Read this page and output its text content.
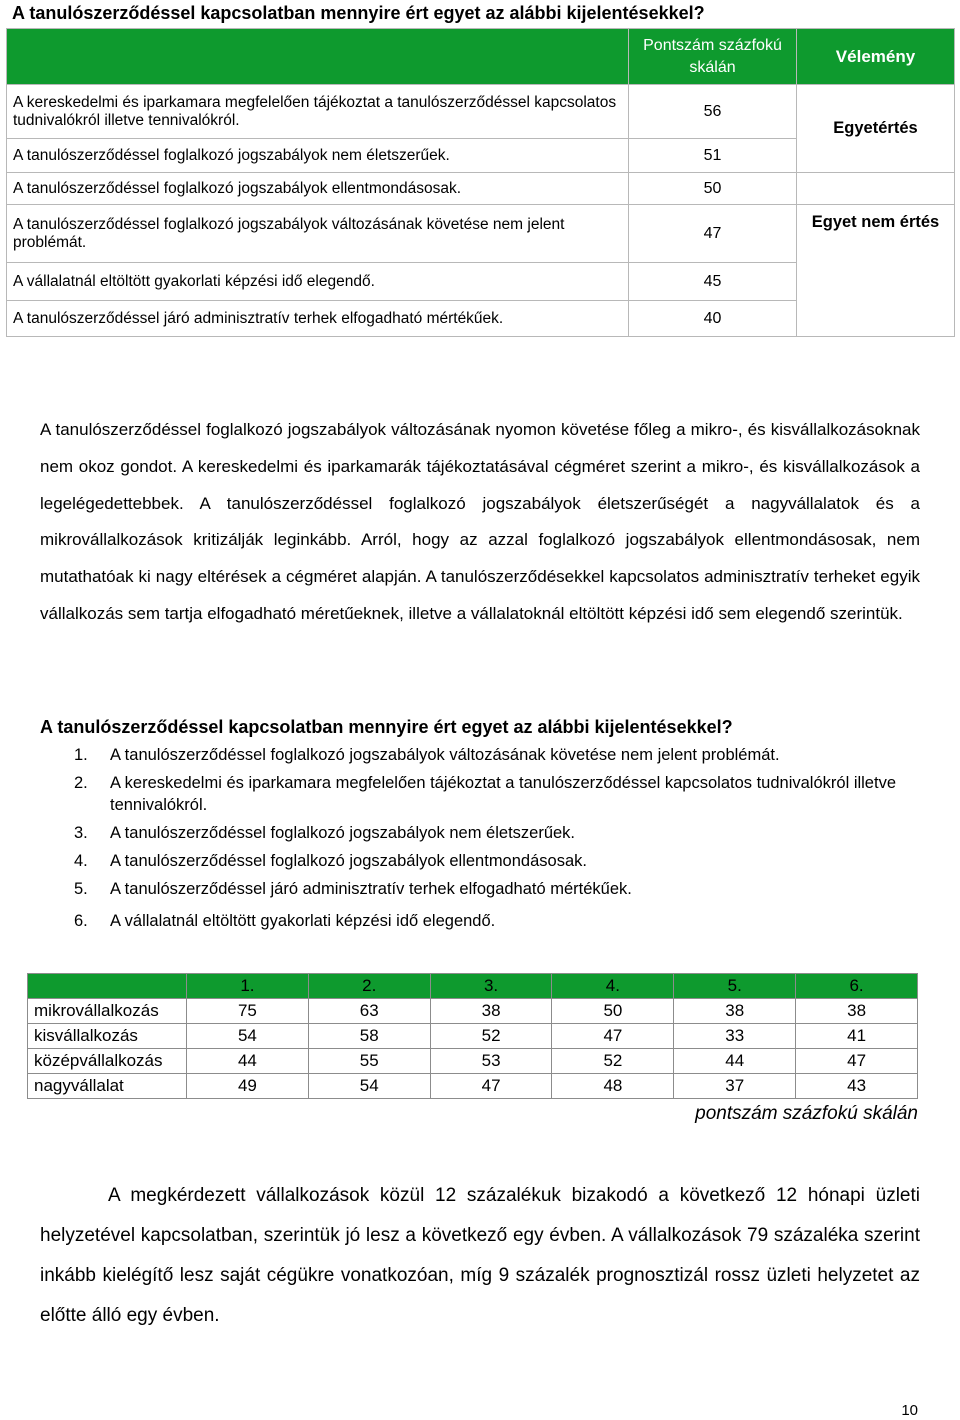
A tanulószerződéssel kapcsolatban mennyire ért egyet az alábbi kijelentésekkel?
	Pontszám százfokú skálán	Vélemény
A kereskedelmi és iparkamara megfelelően tájékoztat a tanulószerződéssel kapcsolatos tudnivalókról illetve tennivalókról.	56	Egyetértés
A tanulószerződéssel foglalkozó jogszabályok nem életszerűek.	51	
A tanulószerződéssel foglalkozó jogszabályok ellentmondásosak.	50	
A tanulószerződéssel foglalkozó jogszabályok változásának követése nem jelent problémát.	47	Egyet nem értés
A vállalatnál eltöltött gyakorlati képzési idő elegendő.	45	
A tanulószerződéssel járó adminisztratív terhek elfogadható mértékűek.	40	

A tanulószerződéssel foglalkozó jogszabályok változásának nyomon követése főleg a mikro-, és kisvállalkozásoknak nem okoz gondot. A kereskedelmi és iparkamarák tájékoztatásával cégméret szerint a mikro-, és kisvállalkozások a legelégedettebbek. A tanulószerződéssel foglalkozó jogszabályok életszerűségét a nagyvállalatok és a mikrovállalkozások kritizálják leginkább. Arról, hogy az azzal foglalkozó jogszabályok ellentmondásosak, nem mutathatóak ki nagy eltérések a cégméret alapján. A tanulószerződésekkel kapcsolatos adminisztratív terheket egyik vállalkozás sem tartja elfogadható méretűeknek, illetve a vállalatoknál eltöltött képzési idő sem elegendő szerintük.

A tanulószerződéssel kapcsolatban mennyire ért egyet az alábbi kijelentésekkel?
1. A tanulószerződéssel foglalkozó jogszabályok változásának követése nem jelent problémát.
2. A kereskedelmi és iparkamara megfelelően tájékoztat a tanulószerződéssel kapcsolatos tudnivalókról illetve tennivalókról.
3. A tanulószerződéssel foglalkozó jogszabályok nem életszerűek.
4. A tanulószerződéssel foglalkozó jogszabályok ellentmondásosak.
5. A tanulószerződéssel járó adminisztratív terhek elfogadható mértékűek.
6. A vállalatnál eltöltött gyakorlati képzési idő elegendő.
	1.	2.	3.	4.	5.	6.
mikrovállalkozás	75	63	38	50	38	38
kisvállalkozás	54	58	52	47	33	41
középvállalkozás	44	55	53	52	44	47
nagyvállalat	49	54	47	48	37	43
pontszám százfokú skálán

A megkérdezett vállalkozások közül 12 százalékuk bizakodó a következő 12 hónapi üzleti helyzetével kapcsolatban, szerintük jó lesz a következő egy évben. A vállalkozások 79 százaléka szerint inkább kielégítő lesz saját cégükre vonatkozóan, míg 9 százalék prognosztizál rossz üzleti helyzetet az előtte álló egy évben.

10
